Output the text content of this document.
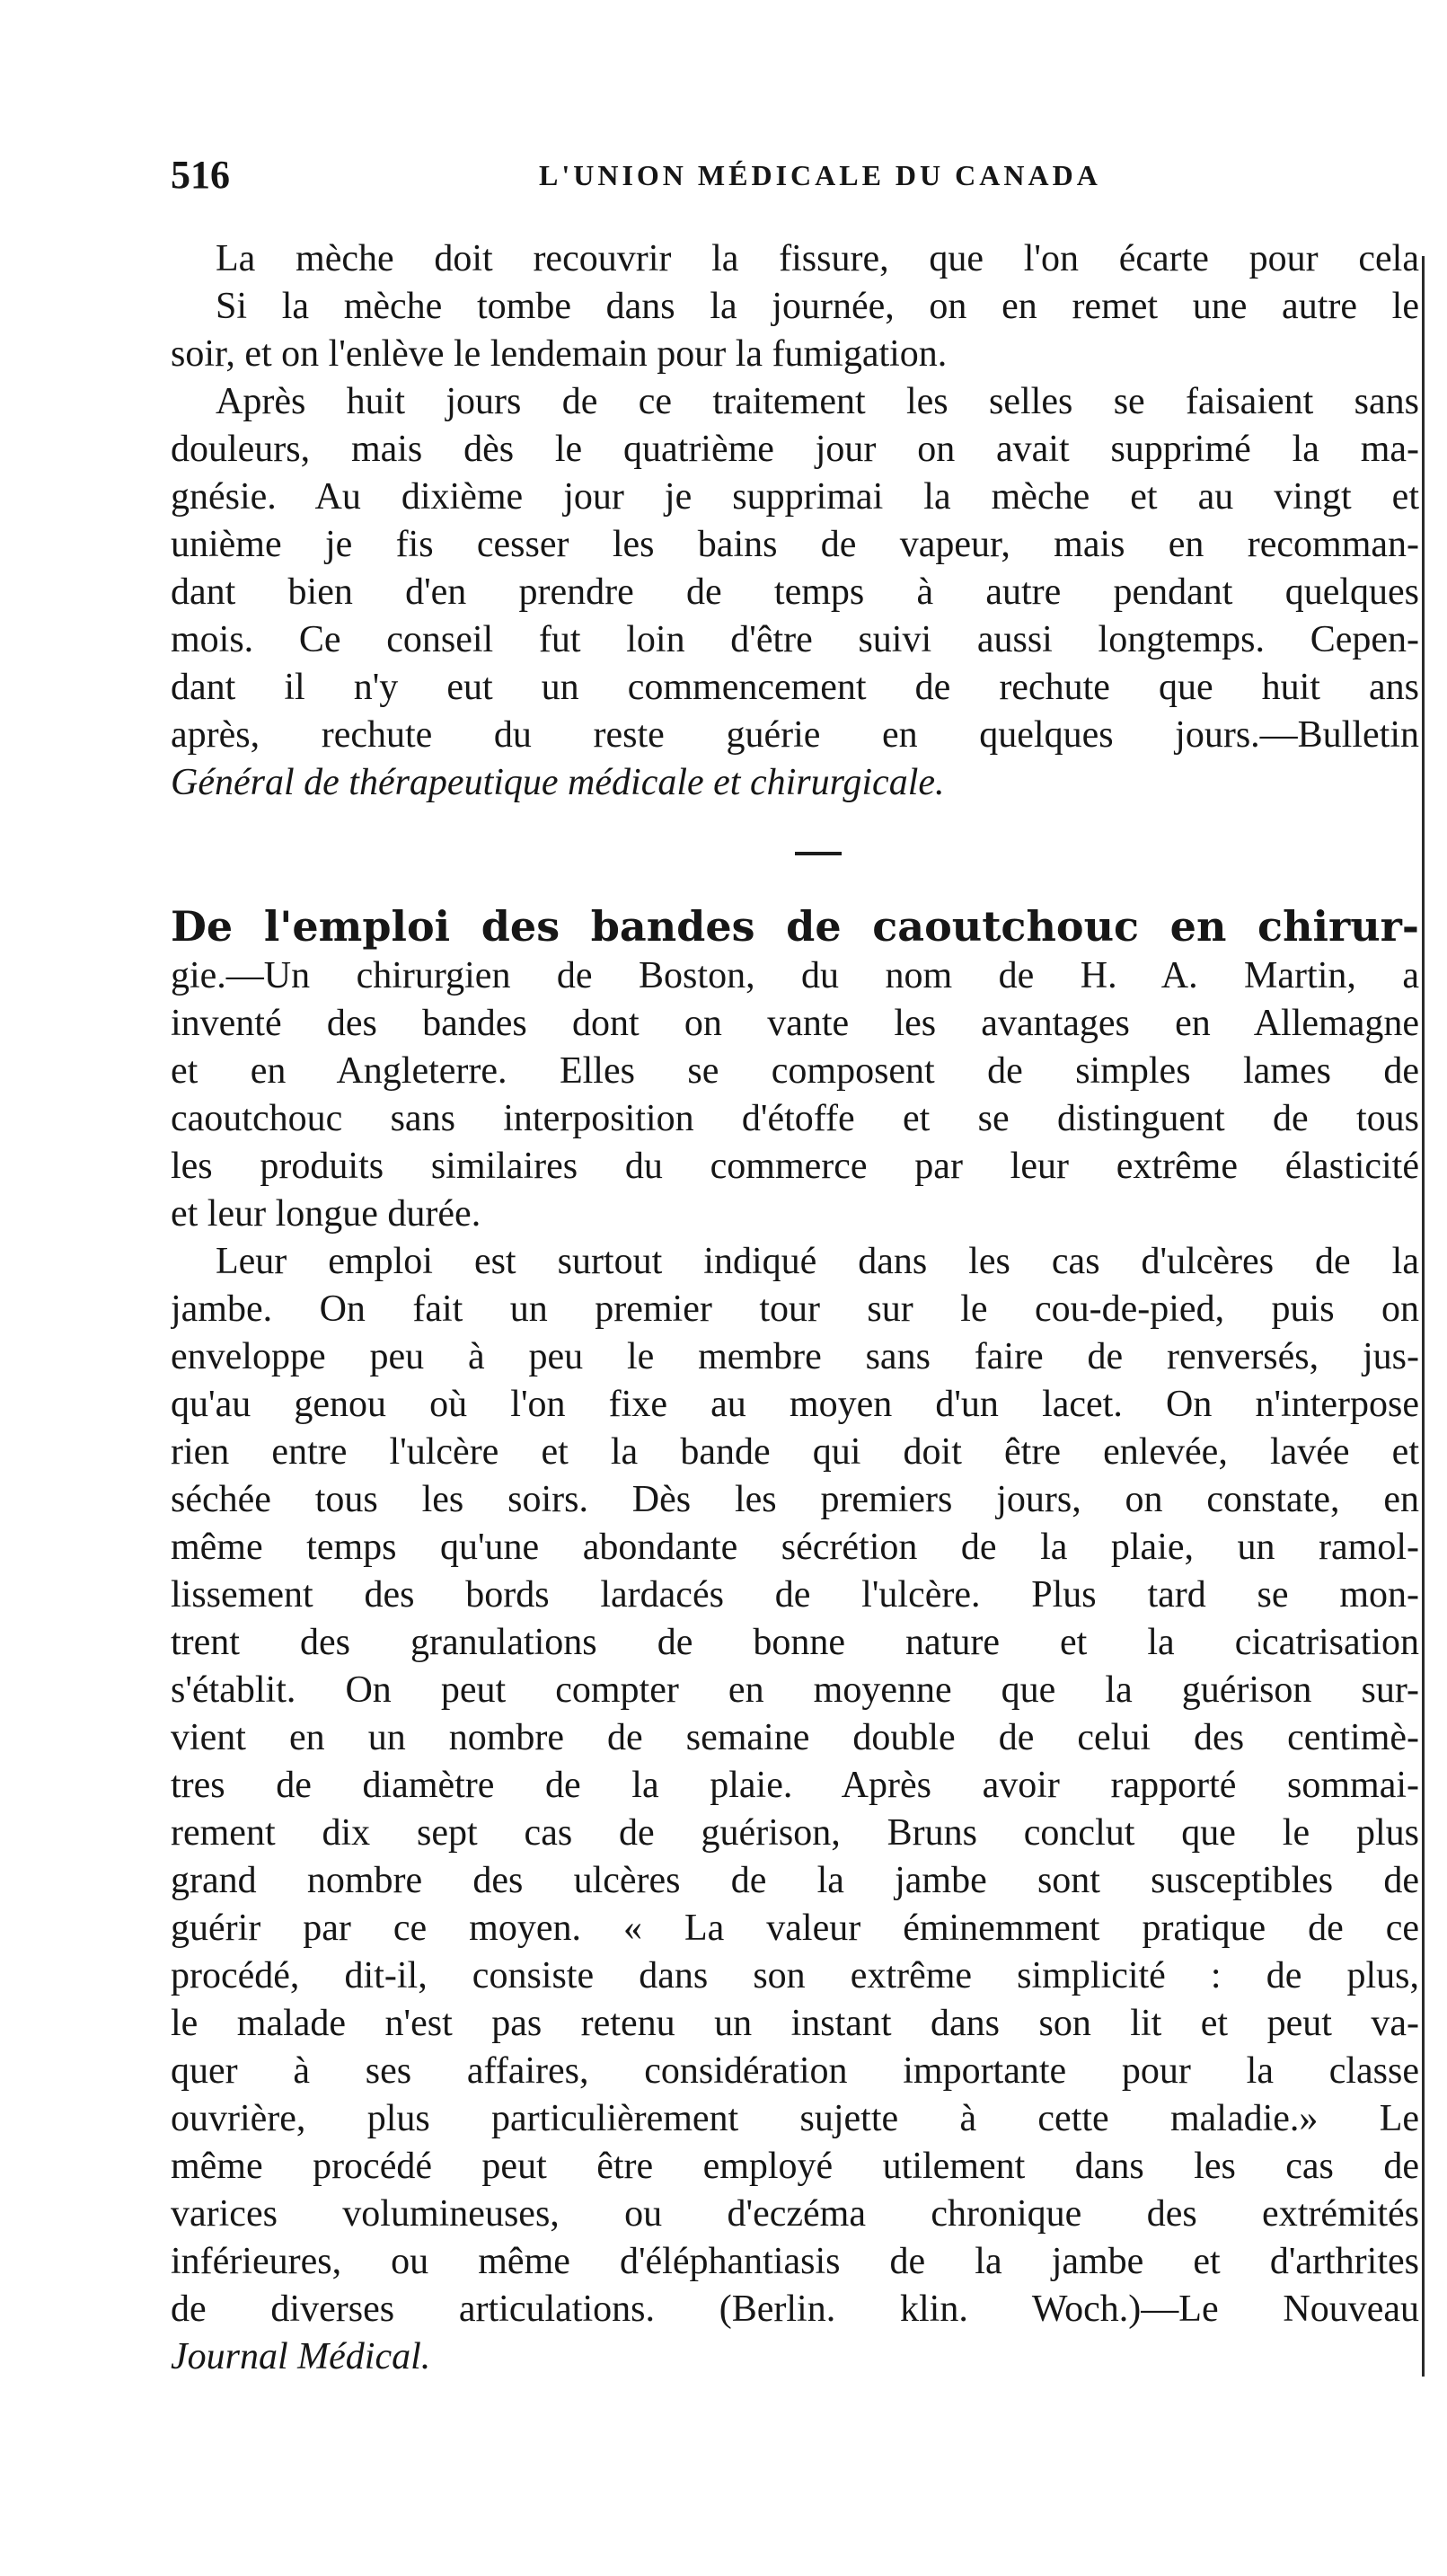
516	L'UNION MÉDICALE DU CANADA
La mèche doit recouvrir la fissure, que l'on écarte pour cela
Si la mèche tombe dans la journée, on en remet une autre le
soir, et on l'enlève le lendemain pour la fumigation.
Après huit jours de ce traitement les selles se faisaient sans
douleurs, mais dès le quatrième jour on avait supprimé la ma-
gnésie. Au dixième jour je supprimai la mèche et au vingt et
unième je fis cesser les bains de vapeur, mais en recomman-
dant bien d'en prendre de temps à autre pendant quelques
mois. Ce conseil fut loin d'être suivi aussi longtemps. Cepen-
dant il n'y eut un commencement de rechute que huit ans
après, rechute du reste guérie en quelques jours.—Bulletin
Général de thérapeutique médicale et chirurgicale.
De l'emploi des bandes de caoutchouc en chirur-
gie.—Un chirurgien de Boston, du nom de H. A. Martin, a
inventé des bandes dont on vante les avantages en Allemagne
et en Angleterre. Elles se composent de simples lames de
caoutchouc sans interposition d'étoffe et se distinguent de tous
les produits similaires du commerce par leur extrême élasticité
et leur longue durée.
Leur emploi est surtout indiqué dans les cas d'ulcères de la
jambe. On fait un premier tour sur le cou-de-pied, puis on
enveloppe peu à peu le membre sans faire de renversés, jus-
qu'au genou où l'on fixe au moyen d'un lacet. On n'interpose
rien entre l'ulcère et la bande qui doit être enlevée, lavée et
séchée tous les soirs. Dès les premiers jours, on constate, en
même temps qu'une abondante sécrétion de la plaie, un ramol-
lissement des bords lardacés de l'ulcère. Plus tard se mon-
trent des granulations de bonne nature et la cicatrisation
s'établit. On peut compter en moyenne que la guérison sur-
vient en un nombre de semaine double de celui des centimè-
tres de diamètre de la plaie. Après avoir rapporté sommai-
rement dix sept cas de guérison, Bruns conclut que le plus
grand nombre des ulcères de la jambe sont susceptibles de
guérir par ce moyen. « La valeur éminemment pratique de ce
procédé, dit-il, consiste dans son extrême simplicité : de plus,
le malade n'est pas retenu un instant dans son lit et peut va-
quer à ses affaires, considération importante pour la classe
ouvrière, plus particulièrement sujette à cette maladie.» Le
même procédé peut être employé utilement dans les cas de
varices volumineuses, ou d'eczéma chronique des extrémités
inférieures, ou même d'éléphantiasis de la jambe et d'arthrites
de diverses articulations. (Berlin. klin. Woch.)—Le Nouveau
Journal Médical.
